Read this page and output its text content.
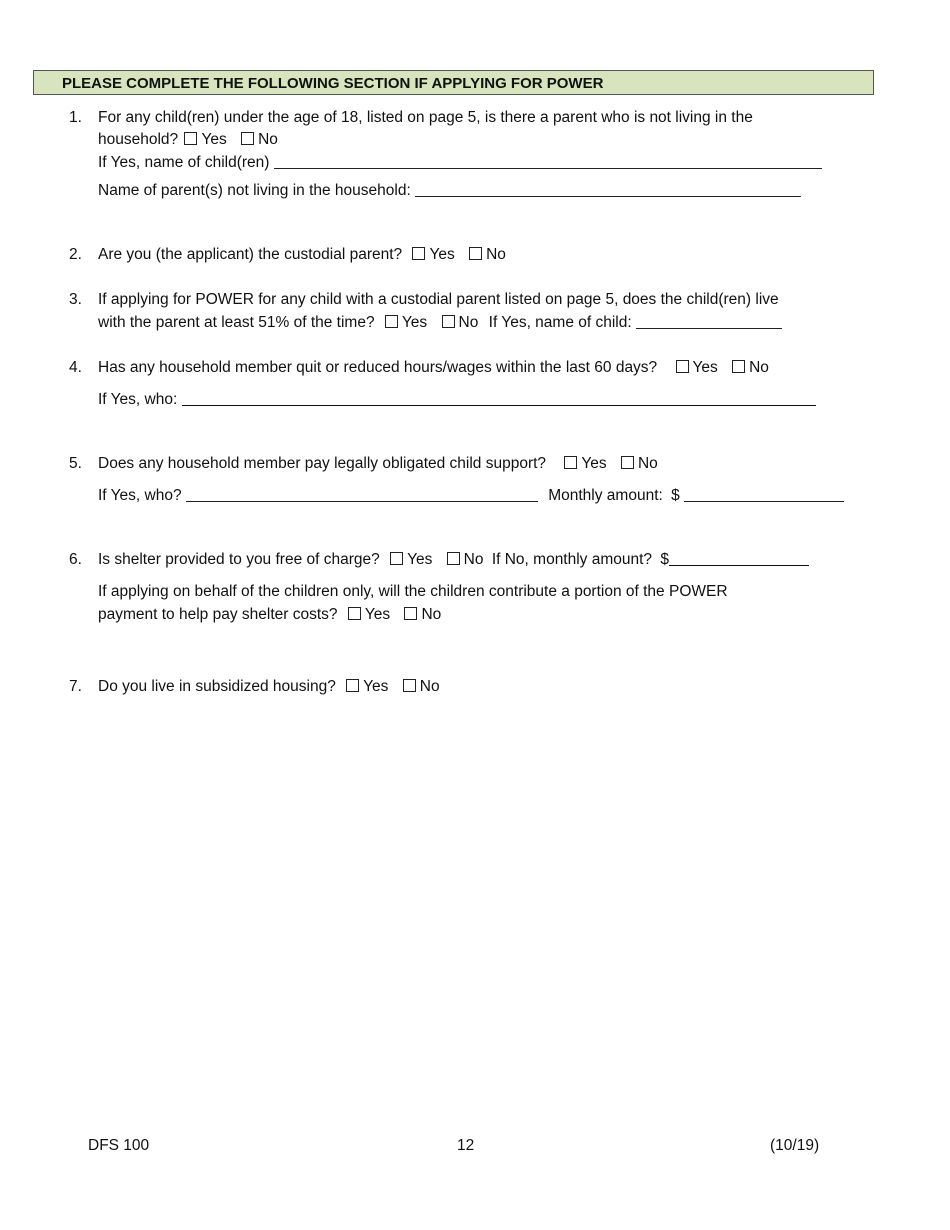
PLEASE COMPLETE THE FOLLOWING SECTION IF APPLYING FOR POWER
1. For any child(ren) under the age of 18, listed on page 5, is there a parent who is not living in the
household? Yes No
If Yes, name of child(ren)
Name of parent(s) not living in the household:
2. Are you (the applicant) the custodial parent? Yes No
3. If applying for POWER for any child with a custodial parent listed on page 5, does the child(ren) live
with the parent at least 51% of the time? Yes No If Yes, name of child:
4. Has any household member quit or reduced hours/wages within the last 60 days? Yes No
If Yes, who:
5. Does any household member pay legally obligated child support? Yes No
If Yes, who?	Monthly amount: $
6. Is shelter provided to you free of charge? Yes No If No, monthly amount? $
If applying on behalf of the children only, will the children contribute a portion of the POWER
payment to help pay shelter costs? Yes No
7. Do you live in subsidized housing? Yes No
DFS 100	12	(10/19)
